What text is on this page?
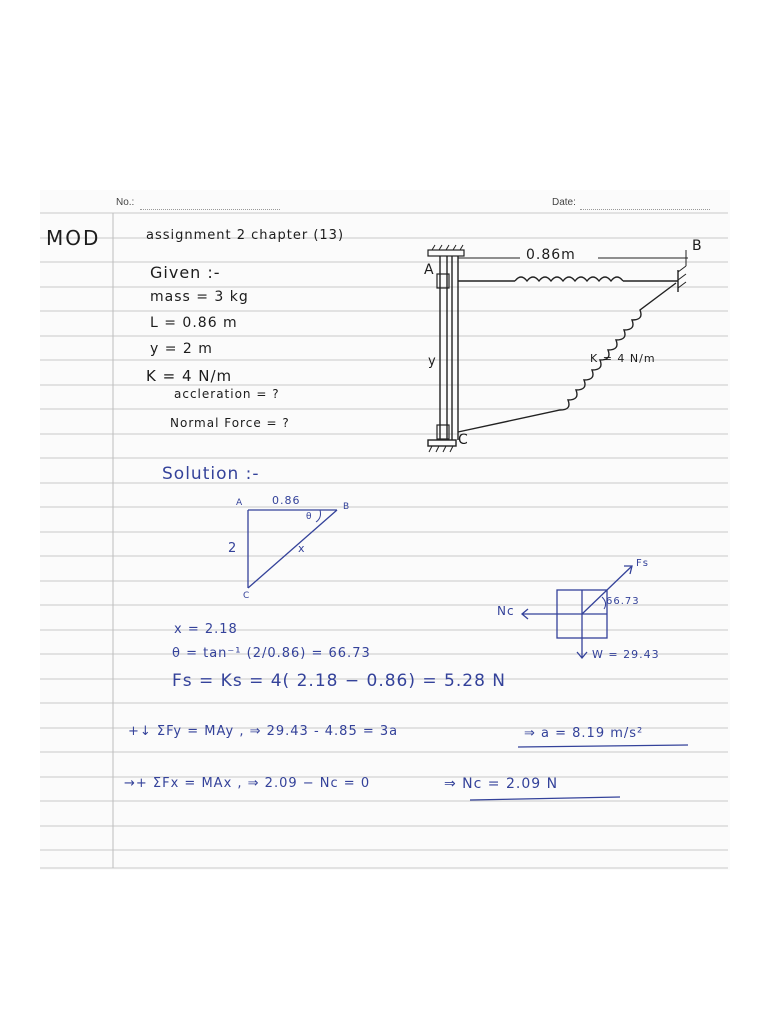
No.:	Date:
MOD	assignment 2 chapter (13)
Given :-
mass = 3 kg
L = 0.86 m
y = 2 m
K = 4 N/m
accleration = ?
Normal Force = ?
A
B
C
y
0.86m
K = 4 N/m
Solution :-
A	B
C
0.86
2	x
θ
Fs
Nc
66.73
W = 29.43
x = 2.18
θ = tan⁻¹ (2/0.86) = 66.73
Fs = Ks = 4( 2.18 − 0.86) = 5.28 N
+↓ ΣFy = MAy , ⇒ 29.43 - 4.85 = 3a	⇒ a = 8.19 m/s²
→+ ΣFx = MAx , ⇒ 2.09 − Nc = 0	⇒ Nc = 2.09 N
